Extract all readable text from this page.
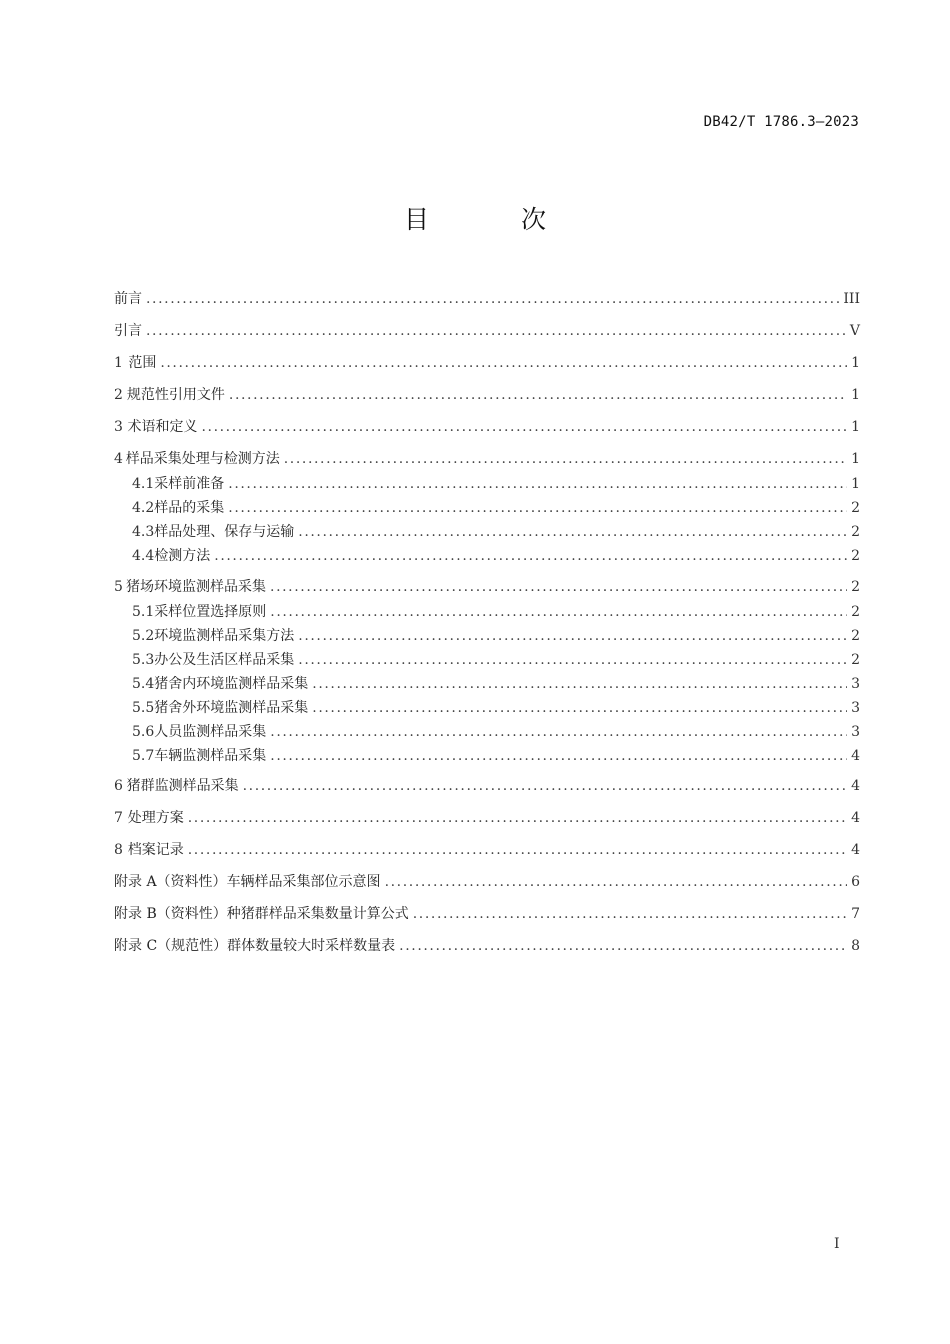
DB42/T 1786.3—2023
目 次
前言 .....	III
引言 .....	V
1 范围 .....	1
2 规范性引用文件 .....	1
3 术语和定义 .....	1
4 样品采集处理与检测方法 .....	1
4.1 采样前准备 .....	1
4.2 样品的采集 .....	2
4.3 样品处理、保存与运输 .....	2
4.4 检测方法 .....	2
5 猪场环境监测样品采集 .....	2
5.1 采样位置选择原则 .....	2
5.2 环境监测样品采集方法 .....	2
5.3 办公及生活区样品采集 .....	2
5.4 猪舍内环境监测样品采集 .....	3
5.5 猪舍外环境监测样品采集 .....	3
5.6 人员监测样品采集 .....	3
5.7 车辆监测样品采集 .....	4
6 猪群监测样品采集 .....	4
7 处理方案 .....	4
8 档案记录 .....	4
附录 A（资料性） 车辆样品采集部位示意图 .....	6
附录 B（资料性） 种猪群样品采集数量计算公式 .....	7
附录 C（规范性） 群体数量较大时采样数量表 .....	8
I
